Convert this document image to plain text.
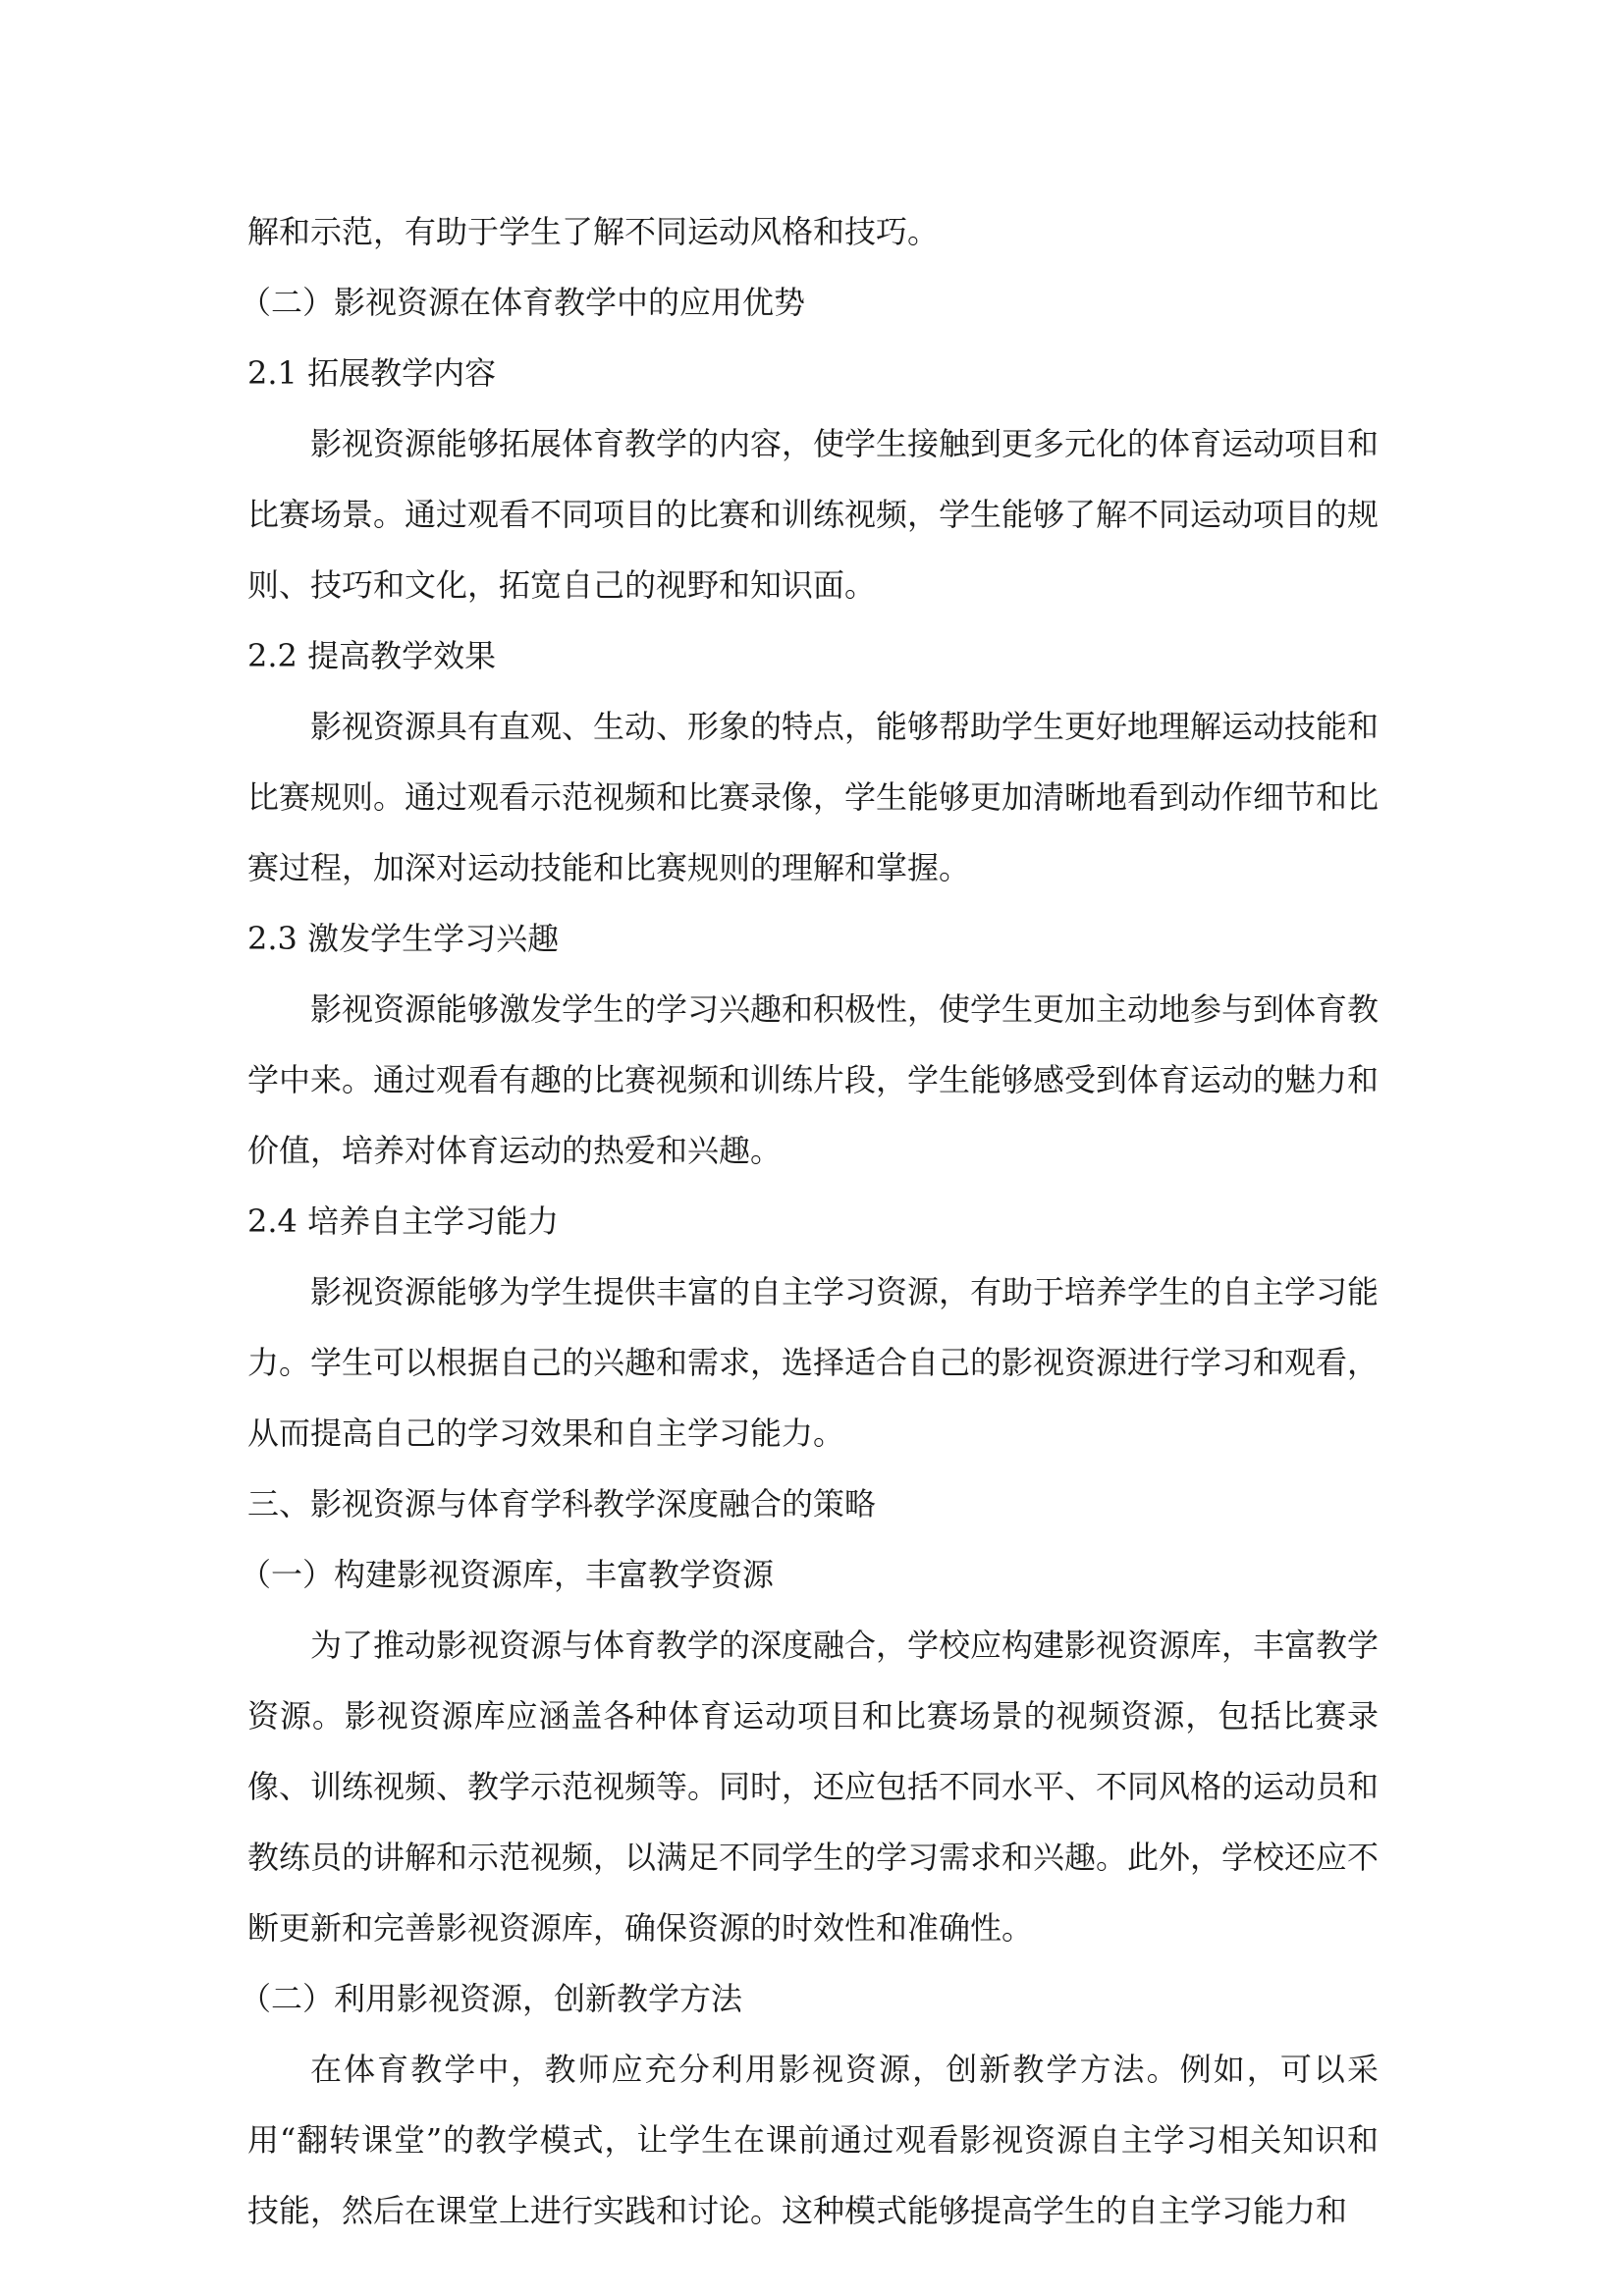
解和示范，有助于学生了解不同运动风格和技巧。
（二）影视资源在体育教学中的应用优势
2.1 拓展教学内容
影视资源能够拓展体育教学的内容，使学生接触到更多元化的体育运动项目和比赛场景。通过观看不同项目的比赛和训练视频，学生能够了解不同运动项目的规则、技巧和文化，拓宽自己的视野和知识面。
2.2 提高教学效果
影视资源具有直观、生动、形象的特点，能够帮助学生更好地理解运动技能和比赛规则。通过观看示范视频和比赛录像，学生能够更加清晰地看到动作细节和比赛过程，加深对运动技能和比赛规则的理解和掌握。
2.3 激发学生学习兴趣
影视资源能够激发学生的学习兴趣和积极性，使学生更加主动地参与到体育教学中来。通过观看有趣的比赛视频和训练片段，学生能够感受到体育运动的魅力和价值，培养对体育运动的热爱和兴趣。
2.4 培养自主学习能力
影视资源能够为学生提供丰富的自主学习资源，有助于培养学生的自主学习能力。学生可以根据自己的兴趣和需求，选择适合自己的影视资源进行学习和观看，从而提高自己的学习效果和自主学习能力。
三、影视资源与体育学科教学深度融合的策略
（一）构建影视资源库，丰富教学资源
为了推动影视资源与体育教学的深度融合，学校应构建影视资源库，丰富教学资源。影视资源库应涵盖各种体育运动项目和比赛场景的视频资源，包括比赛录像、训练视频、教学示范视频等。同时，还应包括不同水平、不同风格的运动员和教练员的讲解和示范视频，以满足不同学生的学习需求和兴趣。此外，学校还应不断更新和完善影视资源库，确保资源的时效性和准确性。
（二）利用影视资源，创新教学方法
在体育教学中，教师应充分利用影视资源，创新教学方法。例如，可以采用“翻转课堂”的教学模式，让学生在课前通过观看影视资源自主学习相关知识和技能，然后在课堂上进行实践和讨论。这种模式能够提高学生的自主学习能力和
